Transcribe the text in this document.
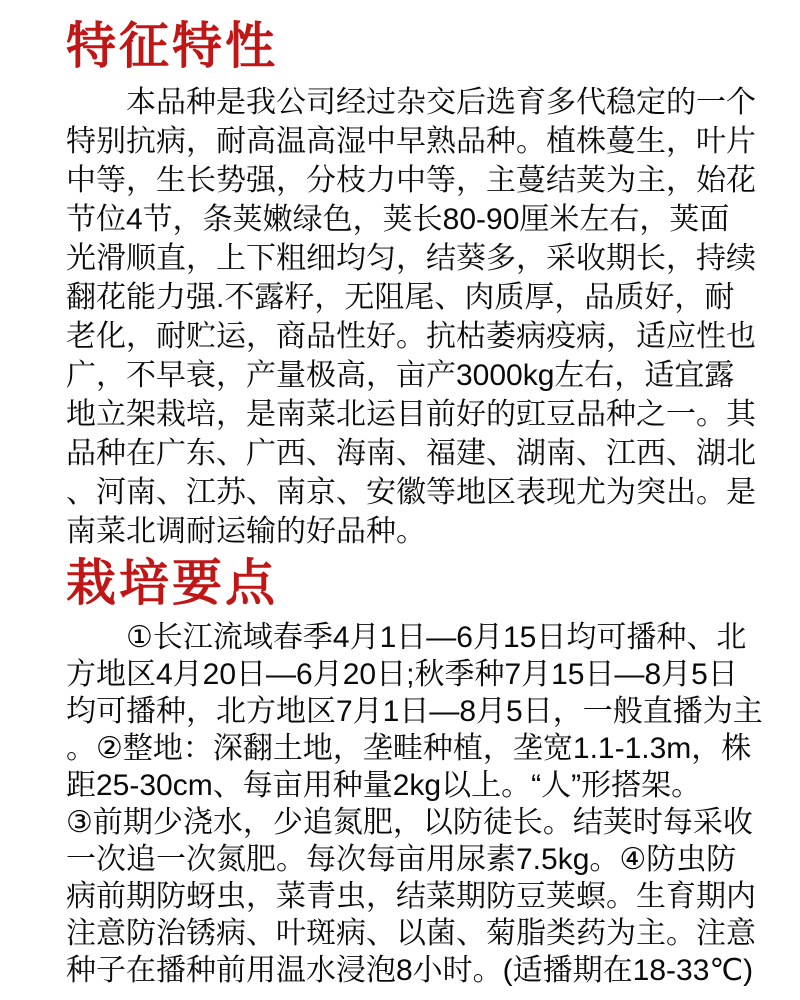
特征特性
本品种是我公司经过杂交后选育多代稳定的一个
特别抗病，耐高温高湿中早熟品种。植株蔓生，叶片
中等，生长势强，分枝力中等，主蔓结荚为主，始花
节位4节，条荚嫩绿色，荚长80-90厘米左右，荚面
光滑顺直，上下粗细均匀，结葵多，采收期长，持续
翻花能力强.不露籽，无阻尾、肉质厚，品质好，耐
老化，耐贮运，商品性好。抗枯萎病疫病，适应性也
广，不早衰，产量极高，亩产3000kg左右，适宜露
地立架栽培，是南菜北运目前好的豇豆品种之一。其
品种在广东、广西、海南、福建、湖南、江西、湖北
、河南、江苏、南京、安徽等地区表现尤为突出。是
南菜北调耐运输的好品种。
栽培要点
①长江流域春季4月1日—6月15日均可播种、北
方地区4月20日—6月20日;秋季种7月15日—8月5日
均可播种，北方地区7月1日—8月5日，一般直播为主
。②整地：深翻土地，垄畦种植，垄宽1.1-1.3m，株
距25-30cm、每亩用种量2kg以上。“人”形搭架。
③前期少浇水，少追氮肥，以防徒长。结荚时每采收
一次追一次氮肥。每次每亩用尿素7.5kg。④防虫防
病前期防蚜虫，菜青虫，结菜期防豆荚螟。生育期内
注意防治锈病、叶斑病、以菌、菊脂类药为主。注意
种子在播种前用温水浸泡8小时。(适播期在18-33℃)
